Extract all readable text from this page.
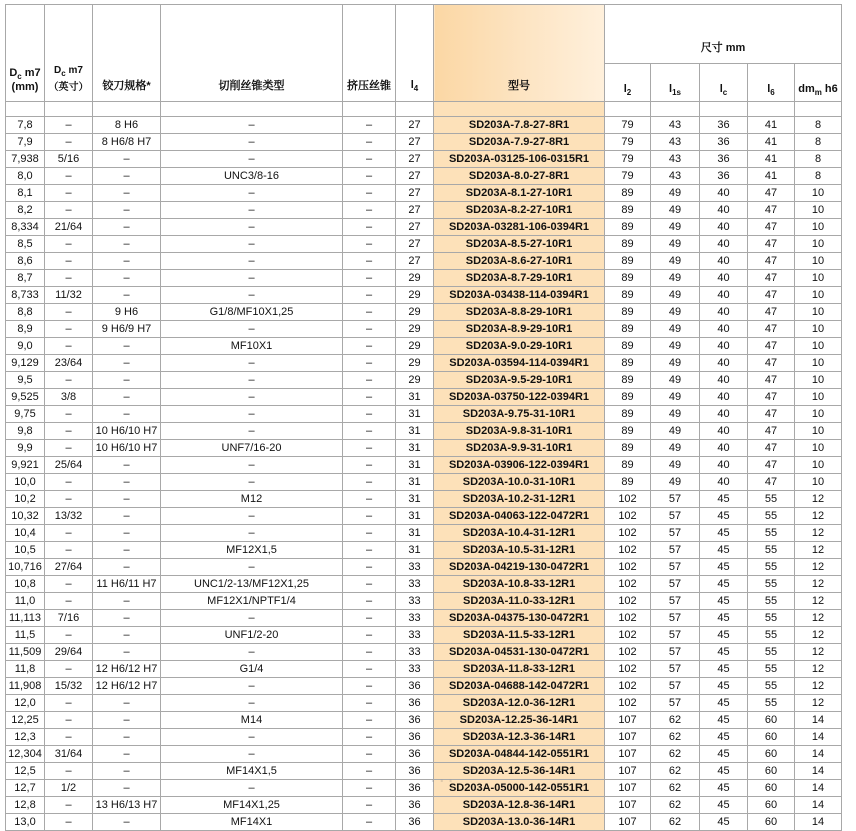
$D_c$ m7
(mm)	$D_c$ m7
（英寸）	铰刀规格*	切削丝锥类型	挤压丝锥	$l_4$	型号	尺寸 mm				
							$l_2$	$l_{1s}$	$l_c$	$l_6$	$dm_m$ h6

7,8	–	8 H6	–	–	27	SD203A-7.8-27-8R1	79	43	36	41	8
7,9	–	8 H6/8 H7	–	–	27	SD203A-7.9-27-8R1	79	43	36	41	8
7,938	5/16	–	–	–	27	SD203A-03125-106-0315R1	79	43	36	41	8
8,0	–	–	UNC3/8-16	–	27	SD203A-8.0-27-8R1	79	43	36	41	8
8,1	–	–	–	–	27	SD203A-8.1-27-10R1	89	49	40	47	10
8,2	–	–	–	–	27	SD203A-8.2-27-10R1	89	49	40	47	10
8,334	21/64	–	–	–	27	SD203A-03281-106-0394R1	89	49	40	47	10
8,5	–	–	–	–	27	SD203A-8.5-27-10R1	89	49	40	47	10
8,6	–	–	–	–	27	SD203A-8.6-27-10R1	89	49	40	47	10
8,7	–	–	–	–	29	SD203A-8.7-29-10R1	89	49	40	47	10
8,733	11/32	–	–	–	29	SD203A-03438-114-0394R1	89	49	40	47	10
8,8	–	9 H6	G1/8/MF10X1,25	–	29	SD203A-8.8-29-10R1	89	49	40	47	10
8,9	–	9 H6/9 H7	–	–	29	SD203A-8.9-29-10R1	89	49	40	47	10
9,0	–	–	MF10X1	–	29	SD203A-9.0-29-10R1	89	49	40	47	10
9,129	23/64	–	–	–	29	SD203A-03594-114-0394R1	89	49	40	47	10
9,5	–	–	–	–	29	SD203A-9.5-29-10R1	89	49	40	47	10
9,525	3/8	–	–	–	31	SD203A-03750-122-0394R1	89	49	40	47	10
9,75	–	–	–	–	31	SD203A-9.75-31-10R1	89	49	40	47	10
9,8	–	10 H6/10 H7	–	–	31	SD203A-9.8-31-10R1	89	49	40	47	10
9,9	–	10 H6/10 H7	UNF7/16-20	–	31	SD203A-9.9-31-10R1	89	49	40	47	10
9,921	25/64	–	–	–	31	SD203A-03906-122-0394R1	89	49	40	47	10
10,0	–	–	–	–	31	SD203A-10.0-31-10R1	89	49	40	47	10
10,2	–	–	M12	–	31	SD203A-10.2-31-12R1	102	57	45	55	12
10,32	13/32	–	–	–	31	SD203A-04063-122-0472R1	102	57	45	55	12
10,4	–	–	–	–	31	SD203A-10.4-31-12R1	102	57	45	55	12
10,5	–	–	MF12X1,5	–	31	SD203A-10.5-31-12R1	102	57	45	55	12
10,716	27/64	–	–	–	33	SD203A-04219-130-0472R1	102	57	45	55	12
10,8	–	11 H6/11 H7	UNC1/2-13/MF12X1,25	–	33	SD203A-10.8-33-12R1	102	57	45	55	12
11,0	–	–	MF12X1/NPTF1/4	–	33	SD203A-11.0-33-12R1	102	57	45	55	12
11,113	7/16	–	–	–	33	SD203A-04375-130-0472R1	102	57	45	55	12
11,5	–	–	UNF1/2-20	–	33	SD203A-11.5-33-12R1	102	57	45	55	12
11,509	29/64	–	–	–	33	SD203A-04531-130-0472R1	102	57	45	55	12
11,8	–	12 H6/12 H7	G1/4	–	33	SD203A-11.8-33-12R1	102	57	45	55	12
11,908	15/32	12 H6/12 H7	–	–	36	SD203A-04688-142-0472R1	102	57	45	55	12
12,0	–	–	–	–	36	SD203A-12.0-36-12R1	102	57	45	55	12
12,25	–	–	M14	–	36	SD203A-12.25-36-14R1	107	62	45	60	14
12,3	–	–	–	–	36	SD203A-12.3-36-14R1	107	62	45	60	14
12,304	31/64	–	–	–	36	SD203A-04844-142-0551R1	107	62	45	60	14
12,5	–	–	MF14X1,5	–	36	SD203A-12.5-36-14R1	107	62	45	60	14
12,7	1/2	–	–	–	36	SD203A-05000-142-0551R1	107	62	45	60	14
12,8	–	13 H6/13 H7	MF14X1,25	–	36	SD203A-12.8-36-14R1	107	62	45	60	14
13,0	–	–	MF14X1	–	36	SD203A-13.0-36-14R1	107	62	45	60	14
...
